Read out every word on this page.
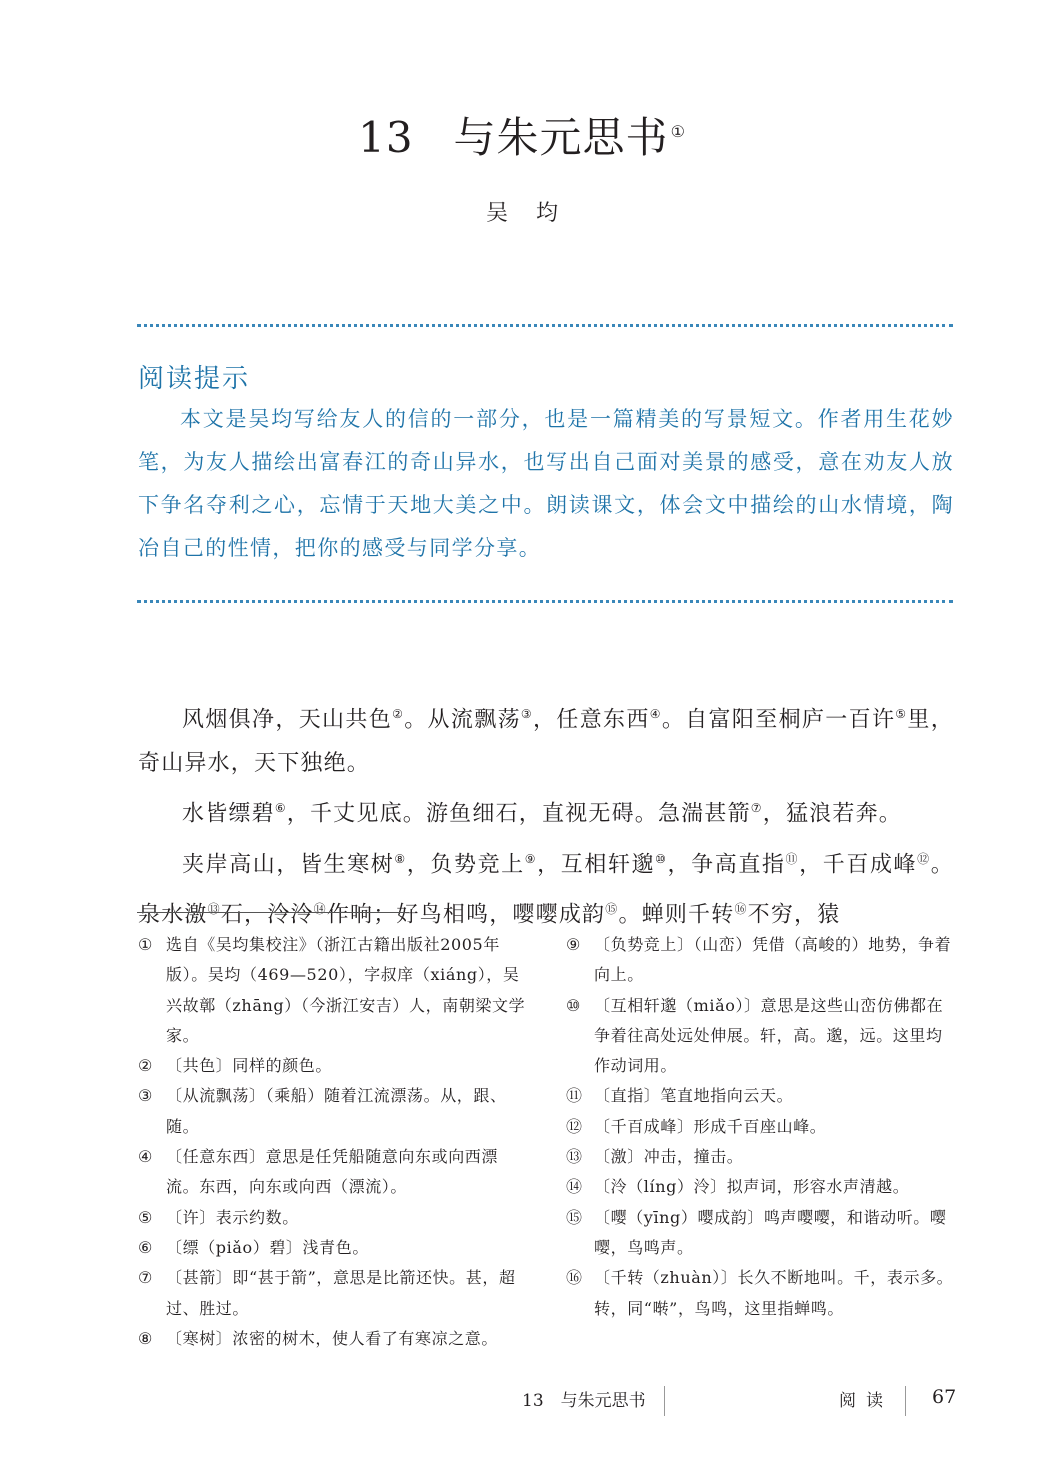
13 与朱元思书 ①
吴均
阅读提示
本文是吴均写给友人的信的一部分，也是一篇精美的写景短文。作者用生花妙笔，为友人描绘出富春江的奇山异水，也写出自己面对美景的感受，意在劝友人放下争名夺利之心，忘情于天地大美之中。朗读课文，体会文中描绘的山水情境，陶冶自己的性情，把你的感受与同学分享。

风烟俱净，天山共色②。从流飘荡③，任意东西④。自富阳至桐庐一百许⑤里，奇山异水，天下独绝。

水皆缥碧⑥，千丈见底。游鱼细石，直视无碍。急湍甚箭⑦，猛浪若奔。

夹岸高山，皆生寒树⑧，负势竞上⑨，互相轩邈⑩，争高直指⑪，千百成峰⑫。泉水激⑬石，泠泠⑭作响；好鸟相鸣，嘤嘤成韵⑮。蝉则千转⑯不穷，猿

① 选自《吴均集校注》（浙江古籍出版社2005年版）。吴均（469—520），字叔庠（xiáng），吴兴故鄣（zhāng）（今浙江安吉）人，南朝梁文学家。
② 〔共色〕同样的颜色。
③ 〔从流飘荡〕（乘船）随着江流漂荡。从，跟、随。
④ 〔任意东西〕意思是任凭船随意向东或向西漂流。东西，向东或向西（漂流）。
⑤ 〔许〕表示约数。
⑥ 〔缥（piǎo）碧〕浅青色。
⑦ 〔甚箭〕即“甚于箭”，意思是比箭还快。甚，超过、胜过。
⑧ 〔寒树〕浓密的树木，使人看了有寒凉之意。
⑨ 〔负势竞上〕（山峦）凭借（高峻的）地势，争着向上。
⑩ 〔互相轩邈（miǎo）〕意思是这些山峦仿佛都在争着往高处远处伸展。轩，高。邈，远。这里均作动词用。
⑪ 〔直指〕笔直地指向云天。
⑫ 〔千百成峰〕形成千百座山峰。
⑬ 〔激〕冲击，撞击。
⑭ 〔泠（líng）泠〕拟声词，形容水声清越。
⑮ 〔嘤（yīng）嘤成韵〕鸣声嘤嘤，和谐动听。嘤嘤，鸟鸣声。
⑯ 〔千转（zhuàn）〕长久不断地叫。千，表示多。转，同“啭”，鸟鸣，这里指蝉鸣。
13　与朱元思书	阅读 67
